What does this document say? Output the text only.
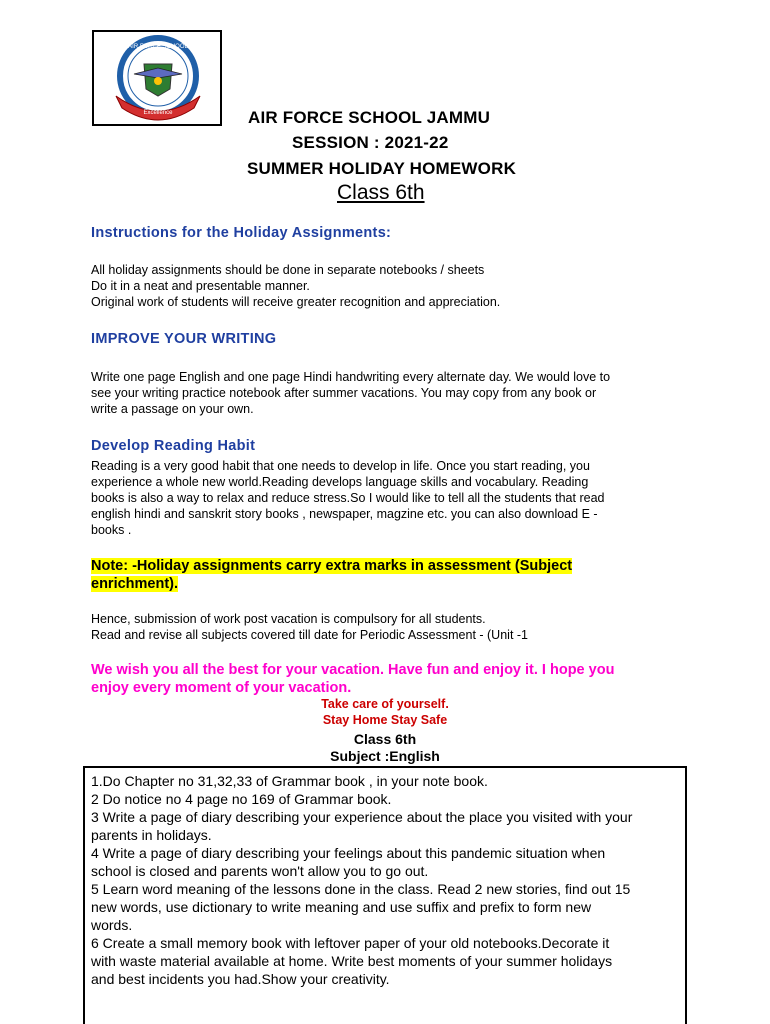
AIR FORCE SCHOOL
Excellence	AIR FORCE SCHOOL JAMMU
SESSION : 2021-22
SUMMER HOLIDAY HOMEWORK
Class 6th
Instructions for the Holiday Assignments:
All holiday assignments should be done in separate notebooks / sheets
Do it in a neat and presentable manner.
Original work of students will receive greater recognition and appreciation.
IMPROVE YOUR WRITING
Write one page English and one page Hindi handwriting every alternate day. We would love to
see your writing practice notebook after summer vacations. You may copy from any book or
write a passage on your own.
Develop Reading Habit
Reading is a very good habit that one needs to develop in life. Once you start reading, you
experience a whole new world.Reading develops language skills and vocabulary. Reading
books is also a way to relax and reduce stress.So I would like to tell all the students that read
english hindi and sanskrit story books , newspaper, magzine etc. you can also download E -
books .
Note: -Holiday assignments carry extra marks in assessment (Subject
enrichment).
Hence, submission of work post vacation is compulsory for all students.
Read and revise all subjects covered till date for Periodic Assessment - (Unit -1
We wish you all the best for your vacation. Have fun and enjoy it. I hope you
enjoy every moment of your vacation.
Take care of yourself.
Stay Home Stay Safe
Class 6th
Subject :English
1.Do Chapter no 31,32,33 of Grammar book , in your note book.
2 Do notice no 4 page no 169 of Grammar book.
3 Write a page of diary describing your experience about the place you visited with your
parents in holidays.
4 Write a page of diary describing your feelings about this pandemic situation when
school is closed and parents won't allow you to go out.
5 Learn word meaning of the lessons done in the class. Read 2 new stories, find out 15
new words, use dictionary to write meaning and use suffix and prefix to form new
words.
6 Create a small memory book with leftover paper of your old notebooks.Decorate it
with waste material available at home. Write best moments of your summer holidays
and best incidents you had.Show your creativity.
